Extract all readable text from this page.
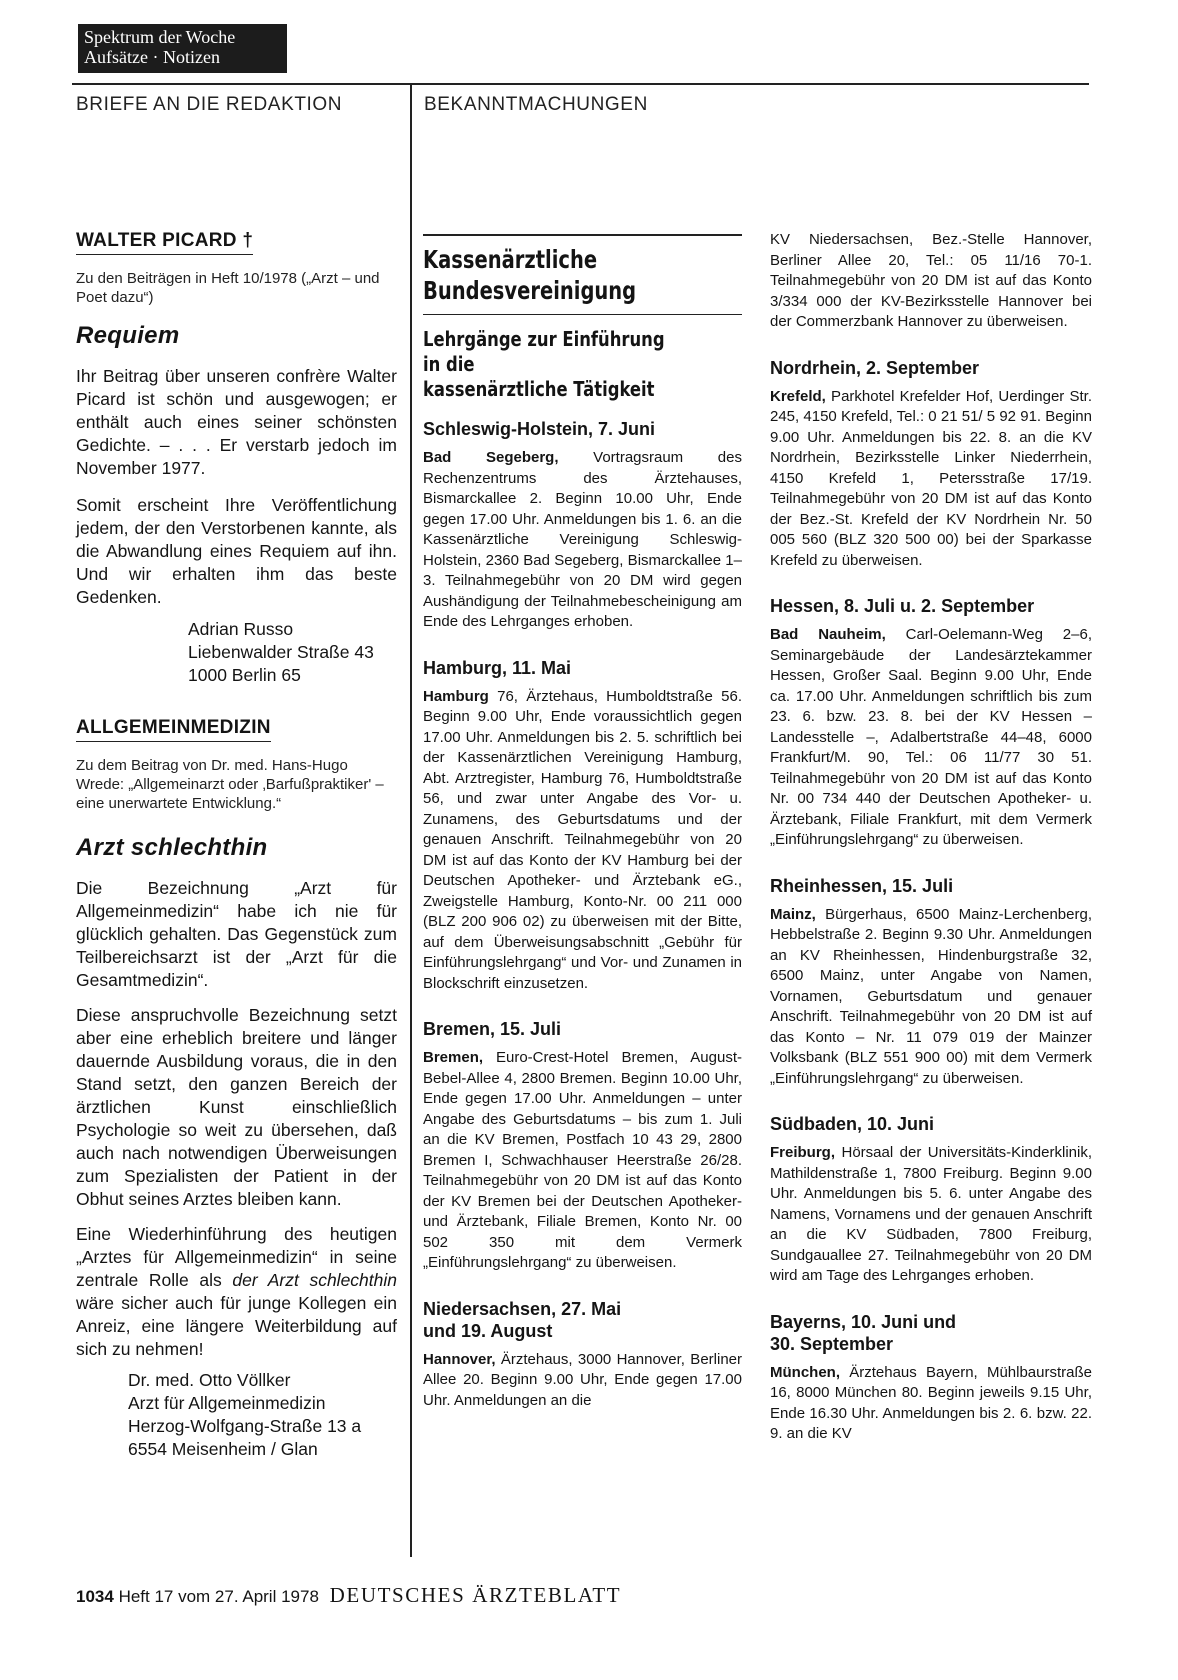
Spektrum der Woche
Aufsätze · Notizen
BRIEFE AN DIE REDAKTION	BEKANNTMACHUNGEN
WALTER PICARD †

Zu den Beiträgen in Heft 10/1978 („Arzt – und Poet dazu“)

Requiem

Ihr Beitrag über unseren confrère Walter Picard ist schön und ausgewogen; er enthält auch eines seiner schönsten Gedichte. – . . . Er verstarb jedoch im November 1977.

Somit erscheint Ihre Veröffentlichung jedem, der den Verstorbenen kannte, als die Abwandlung eines Requiem auf ihn. Und wir erhalten ihm das beste Gedenken.

Adrian Russo
Liebenwalder Straße 43
1000 Berlin 65
ALLGEMEINMEDIZIN

Zu dem Beitrag von Dr. med. Hans-Hugo Wrede: „Allgemeinarzt oder ‚Barfußpraktiker' – eine unerwartete Entwicklung.“

Arzt schlechthin

Die Bezeichnung „Arzt für Allgemeinmedizin“ habe ich nie für glücklich gehalten. Das Gegenstück zum Teilbereichsarzt ist der „Arzt für die Gesamtmedizin“.

Diese anspruchvolle Bezeichnung setzt aber eine erheblich breitere und länger dauernde Ausbildung voraus, die in den Stand setzt, den ganzen Bereich der ärztlichen Kunst einschließlich Psychologie so weit zu übersehen, daß auch nach notwendigen Überweisungen zum Spezialisten der Patient in der Obhut seines Arztes bleiben kann.

Eine Wiederhinführung des heutigen „Arztes für Allgemeinmedizin“ in seine zentrale Rolle als der Arzt schlechthin wäre sicher auch für junge Kollegen ein Anreiz, eine längere Weiterbildung auf sich zu nehmen!

Dr. med. Otto Völlker
Arzt für Allgemeinmedizin
Herzog-Wolfgang-Straße 13 a
6554 Meisenheim / Glan
Kassenärztliche
Bundesvereinigung
Lehrgänge zur Einführung
in die
kassenärztliche Tätigkeit
Schleswig-Holstein, 7. Juni

Bad Segeberg, Vortragsraum des Rechenzentrums des Ärztehauses, Bismarckallee 2. Beginn 10.00 Uhr, Ende gegen 17.00 Uhr. Anmeldungen bis 1. 6. an die Kassenärztliche Vereinigung Schleswig-Holstein, 2360 Bad Segeberg, Bismarckallee 1–3. Teilnahmegebühr von 20 DM wird gegen Aushändigung der Teilnahmebescheinigung am Ende des Lehrganges erhoben.

Hamburg, 11. Mai

Hamburg 76, Ärztehaus, Humboldtstraße 56. Beginn 9.00 Uhr, Ende voraussichtlich gegen 17.00 Uhr. Anmeldungen bis 2. 5. schriftlich bei der Kassenärztlichen Vereinigung Hamburg, Abt. Arztregister, Hamburg 76, Humboldtstraße 56, und zwar unter Angabe des Vor- u. Zunamens, des Geburtsdatums und der genauen Anschrift. Teilnahmegebühr von 20 DM ist auf das Konto der KV Hamburg bei der Deutschen Apotheker- und Ärztebank eG., Zweigstelle Hamburg, Konto-Nr. 00 211 000 (BLZ 200 906 02) zu überweisen mit der Bitte, auf dem Überweisungsabschnitt „Gebühr für Einführungslehrgang“ und Vor- und Zunamen in Blockschrift einzusetzen.

Bremen, 15. Juli

Bremen, Euro-Crest-Hotel Bremen, August-Bebel-Allee 4, 2800 Bremen. Beginn 10.00 Uhr, Ende gegen 17.00 Uhr. Anmeldungen – unter Angabe des Geburtsdatums – bis zum 1. Juli an die KV Bremen, Postfach 10 43 29, 2800 Bremen I, Schwachhauser Heerstraße 26/28. Teilnahmegebühr von 20 DM ist auf das Konto der KV Bremen bei der Deutschen Apotheker- und Ärztebank, Filiale Bremen, Konto Nr. 00 502 350 mit dem Vermerk „Einführungslehrgang“ zu überweisen.

Niedersachsen, 27. Mai
und 19. August

Hannover, Ärztehaus, 3000 Hannover, Berliner Allee 20. Beginn 9.00 Uhr, Ende gegen 17.00 Uhr. Anmeldungen an die

KV Niedersachsen, Bez.-Stelle Hannover, Berliner Allee 20, Tel.: 05 11/16 70-1. Teilnahmegebühr von 20 DM ist auf das Konto 3/334 000 der KV-Bezirksstelle Hannover bei der Commerzbank Hannover zu überweisen.

Nordrhein, 2. September

Krefeld, Parkhotel Krefelder Hof, Uerdinger Str. 245, 4150 Krefeld, Tel.: 0 21 51/ 5 92 91. Beginn 9.00 Uhr. Anmeldungen bis 22. 8. an die KV Nordrhein, Bezirksstelle Linker Niederrhein, 4150 Krefeld 1, Petersstraße 17/19. Teilnahmegebühr von 20 DM ist auf das Konto der Bez.-St. Krefeld der KV Nordrhein Nr. 50 005 560 (BLZ 320 500 00) bei der Sparkasse Krefeld zu überweisen.

Hessen, 8. Juli u. 2. September

Bad Nauheim, Carl-Oelemann-Weg 2–6, Seminargebäude der Landesärztekammer Hessen, Großer Saal. Beginn 9.00 Uhr, Ende ca. 17.00 Uhr. Anmeldungen schriftlich bis zum 23. 6. bzw. 23. 8. bei der KV Hessen – Landesstelle –, Adalbertstraße 44–48, 6000 Frankfurt/M. 90, Tel.: 06 11/77 30 51. Teilnahmegebühr von 20 DM ist auf das Konto Nr. 00 734 440 der Deutschen Apotheker- u. Ärztebank, Filiale Frankfurt, mit dem Vermerk „Einführungslehrgang“ zu überweisen.

Rheinhessen, 15. Juli

Mainz, Bürgerhaus, 6500 Mainz-Lerchenberg, Hebbelstraße 2. Beginn 9.30 Uhr. Anmeldungen an KV Rheinhessen, Hindenburgstraße 32, 6500 Mainz, unter Angabe von Namen, Vornamen, Geburtsdatum und genauer Anschrift. Teilnahmegebühr von 20 DM ist auf das Konto – Nr. 11 079 019 der Mainzer Volksbank (BLZ 551 900 00) mit dem Vermerk „Einführungslehrgang“ zu überweisen.

Südbaden, 10. Juni

Freiburg, Hörsaal der Universitäts-Kinderklinik, Mathildenstraße 1, 7800 Freiburg. Beginn 9.00 Uhr. Anmeldungen bis 5. 6. unter Angabe des Namens, Vornamens und der genauen Anschrift an die KV Südbaden, 7800 Freiburg, Sundgauallee 27. Teilnahmegebühr von 20 DM wird am Tage des Lehrganges erhoben.

Bayerns, 10. Juni und
30. September

München, Ärztehaus Bayern, Mühlbaurstraße 16, 8000 München 80. Beginn jeweils 9.15 Uhr, Ende 16.30 Uhr. Anmeldungen bis 2. 6. bzw. 22. 9. an die KV

1034 Heft 17 vom 27. April 1978 DEUTSCHES ÄRZTEBLATT
